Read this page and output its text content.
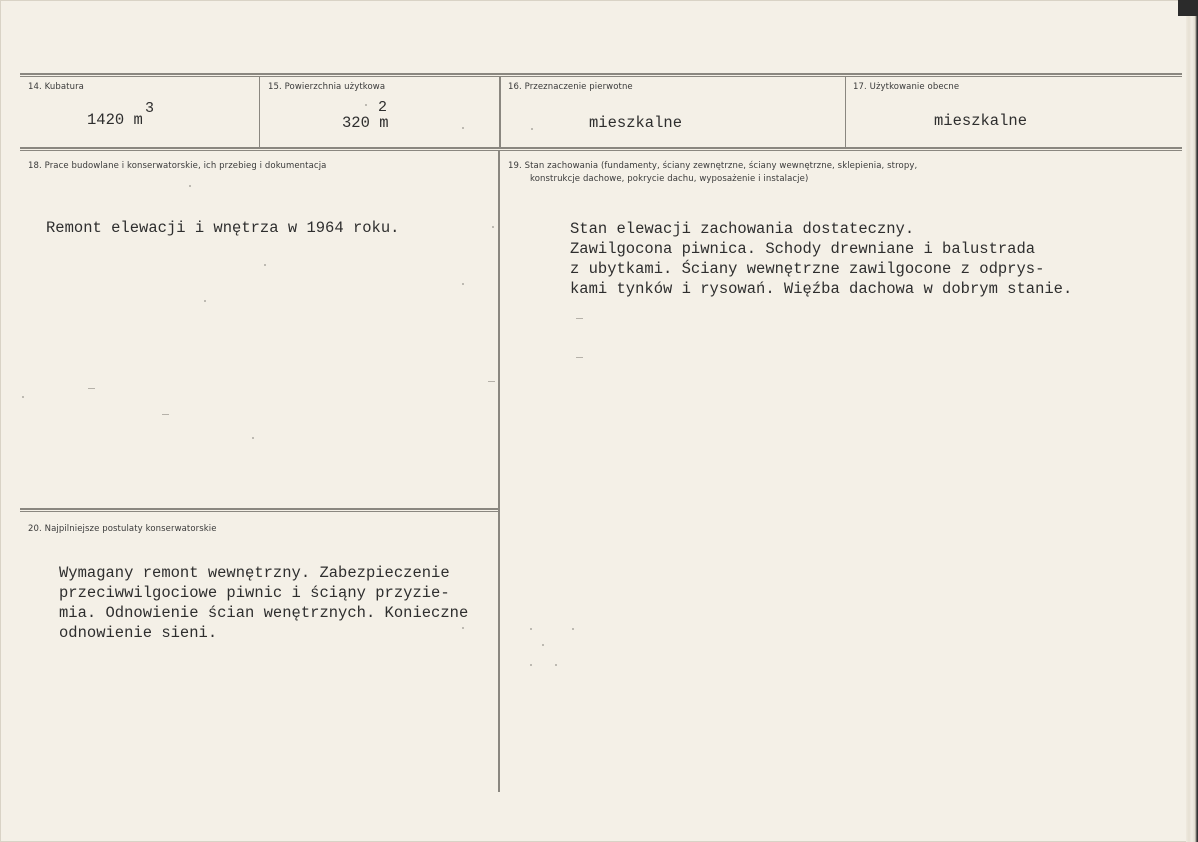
14. Kubatura
1420 m
3
15. Powierzchnia użytkowa
320 m
2
16. Przeznaczenie pierwotne
mieszkalne
17. Użytkowanie obecne
mieszkalne
18. Prace budowlane i konserwatorskie, ich przebieg i dokumentacja
Remont elewacji i wnętrza w 1964 roku.
19. Stan zachowania (fundamenty, ściany zewnętrzne, ściany wewnętrzne, sklepienia, stropy,
konstrukcje dachowe, pokrycie dachu, wyposażenie i instalacje)
Stan elewacji zachowania dostateczny.
Zawilgocona piwnica. Schody drewniane i balustrada
z ubytkami. Ściany wewnętrzne zawilgocone z odprys-
kami tynków i rysowań. Więźba dachowa w dobrym stanie.
20. Najpilniejsze postulaty konserwatorskie
Wymagany remont wewnętrzny. Zabezpieczenie
przeciwwilgociowe piwnic i ściąny przyzie-
mia. Odnowienie ścian wenętrznych. Konieczne
odnowienie sieni.
